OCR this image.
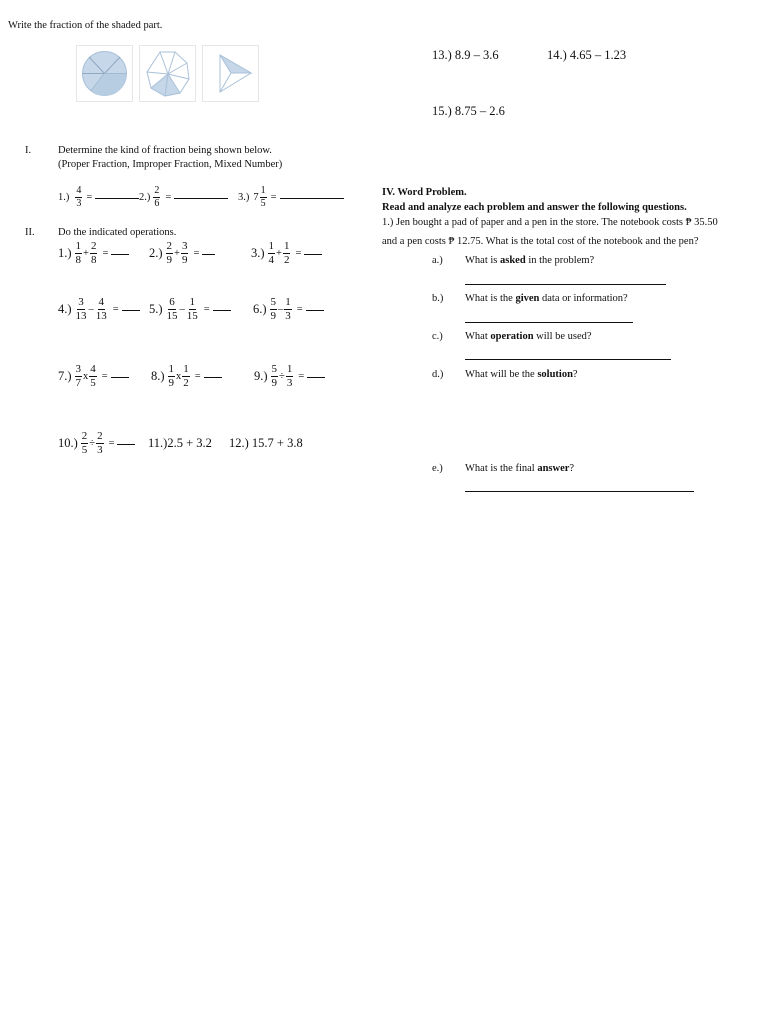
Write the fraction of the shaded part.
13.) 8.9 – 3.6	14.) 4.65 – 1.23
15.) 8.75 – 2.6
I.	Determine the kind of fraction being shown below.
(Proper Fraction, Improper Fraction, Mixed Number)
$1.) \frac{4}{3}$ =	$2.) \frac{2}{6}$ =	3.) $7 \frac{1}{5}$ =
II. Do the indicated operations.
$1.) \frac{1}{8} + \frac{2}{8}$ =	$2.) \frac{2}{9} + \frac{3}{9}$ =	$3.) \frac{1}{4} + \frac{1}{2}$ =
$4.) \frac{3}{13} - \frac{4}{13} = 5.) \frac{6}{15} - \frac{1}{15}$ =	$6.) \frac{5}{9} - \frac{1}{3}$ =
$7.) \frac{3}{7}$ x $\frac{4}{5}$ =	$8.) \frac{1}{9}$ x $\frac{1}{2}$ =	$9.) \frac{5}{9} \div \frac{1}{3}$ =
$10.) \frac{2}{5} \div \frac{2}{3}$ =	11.)2.5 + 3.2 12.) 15.7 + 3.8
IV. Word Problem.
Read and analyze each problem and answer the following questions.
1.) Jen bought a pad of paper and a pen in the store. The notebook costs ₱ 35.50
and a pen costs ₱ 12.75. What is the total cost of the notebook and the pen?
a.) What is asked in the problem?
b.) What is the given data or information?
c.) What operation will be used?
d.) What will be the solution?
e.) What is the final answer?
